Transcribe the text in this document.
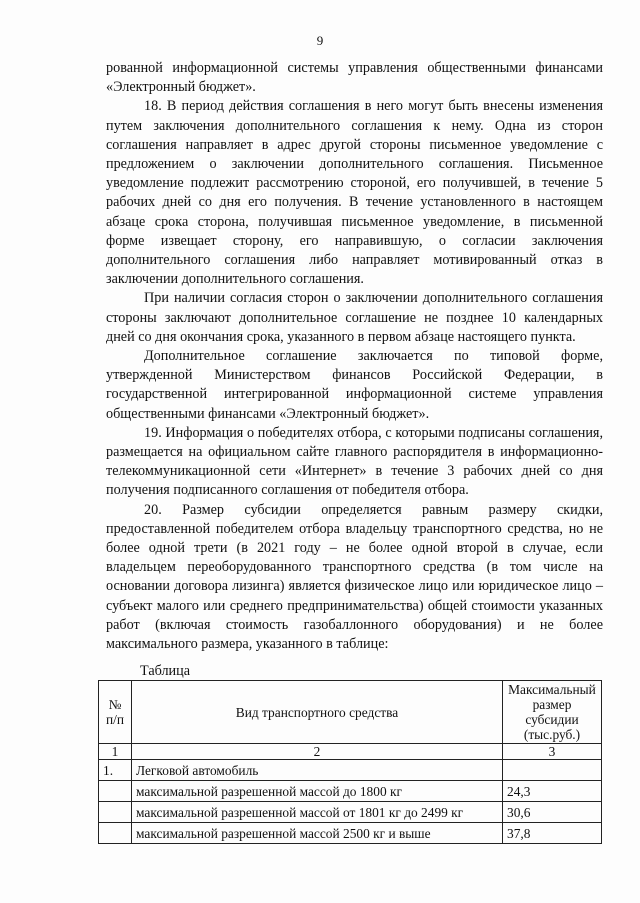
9

рованной информационной системы управления общественными финансами «Электронный бюджет».

18. В период действия соглашения в него могут быть внесены изменения путем заключения дополнительного соглашения к нему. Одна из сторон соглашения направляет в адрес другой стороны письменное уведомление с предложением о заключении дополнительного соглашения. Письменное уведомление подлежит рассмотрению стороной, его получившей, в течение 5 рабочих дней со дня его получения. В течение установленного в настоящем абзаце срока сторона, получившая письменное уведомление, в письменной форме извещает сторону, его направившую, о согласии заключения дополнительного соглашения либо направляет мотивированный отказ в заключении дополнительного соглашения.

При наличии согласия сторон о заключении дополнительного соглашения стороны заключают дополнительное соглашение не позднее 10 календарных дней со дня окончания срока, указанного в первом абзаце настоящего пункта.

Дополнительное соглашение заключается по типовой форме, утвержденной Министерством финансов Российской Федерации, в государственной интегрированной информационной системе управления общественными финансами «Электронный бюджет».

19. Информация о победителях отбора, с которыми подписаны соглашения, размещается на официальном сайте главного распорядителя в информационно-телекоммуникационной сети «Интернет» в течение 3 рабочих дней со дня получения подписанного соглашения от победителя отбора.

20. Размер субсидии определяется равным размеру скидки, предоставленной победителем отбора владельцу транспортного средства, но не более одной трети (в 2021 году – не более одной второй в случае, если владельцем переоборудованного транспортного средства (в том числе на основании договора лизинга) является физическое лицо или юридическое лицо – субъект малого или среднего предпринимательства) общей стоимости указанных работ (включая стоимость газобаллонного оборудования) и не более максимального размера, указанного в таблице:

Таблица
№ п/п	Вид транспортного средства	Максимальный размер субсидии (тыс.руб.)
1	2	3
1.	Легковой автомобиль	
	максимальной разрешенной массой до 1800 кг	24,3
	максимальной разрешенной массой от 1801 кг до 2499 кг	30,6
	максимальной разрешенной массой 2500 кг и выше	37,8
